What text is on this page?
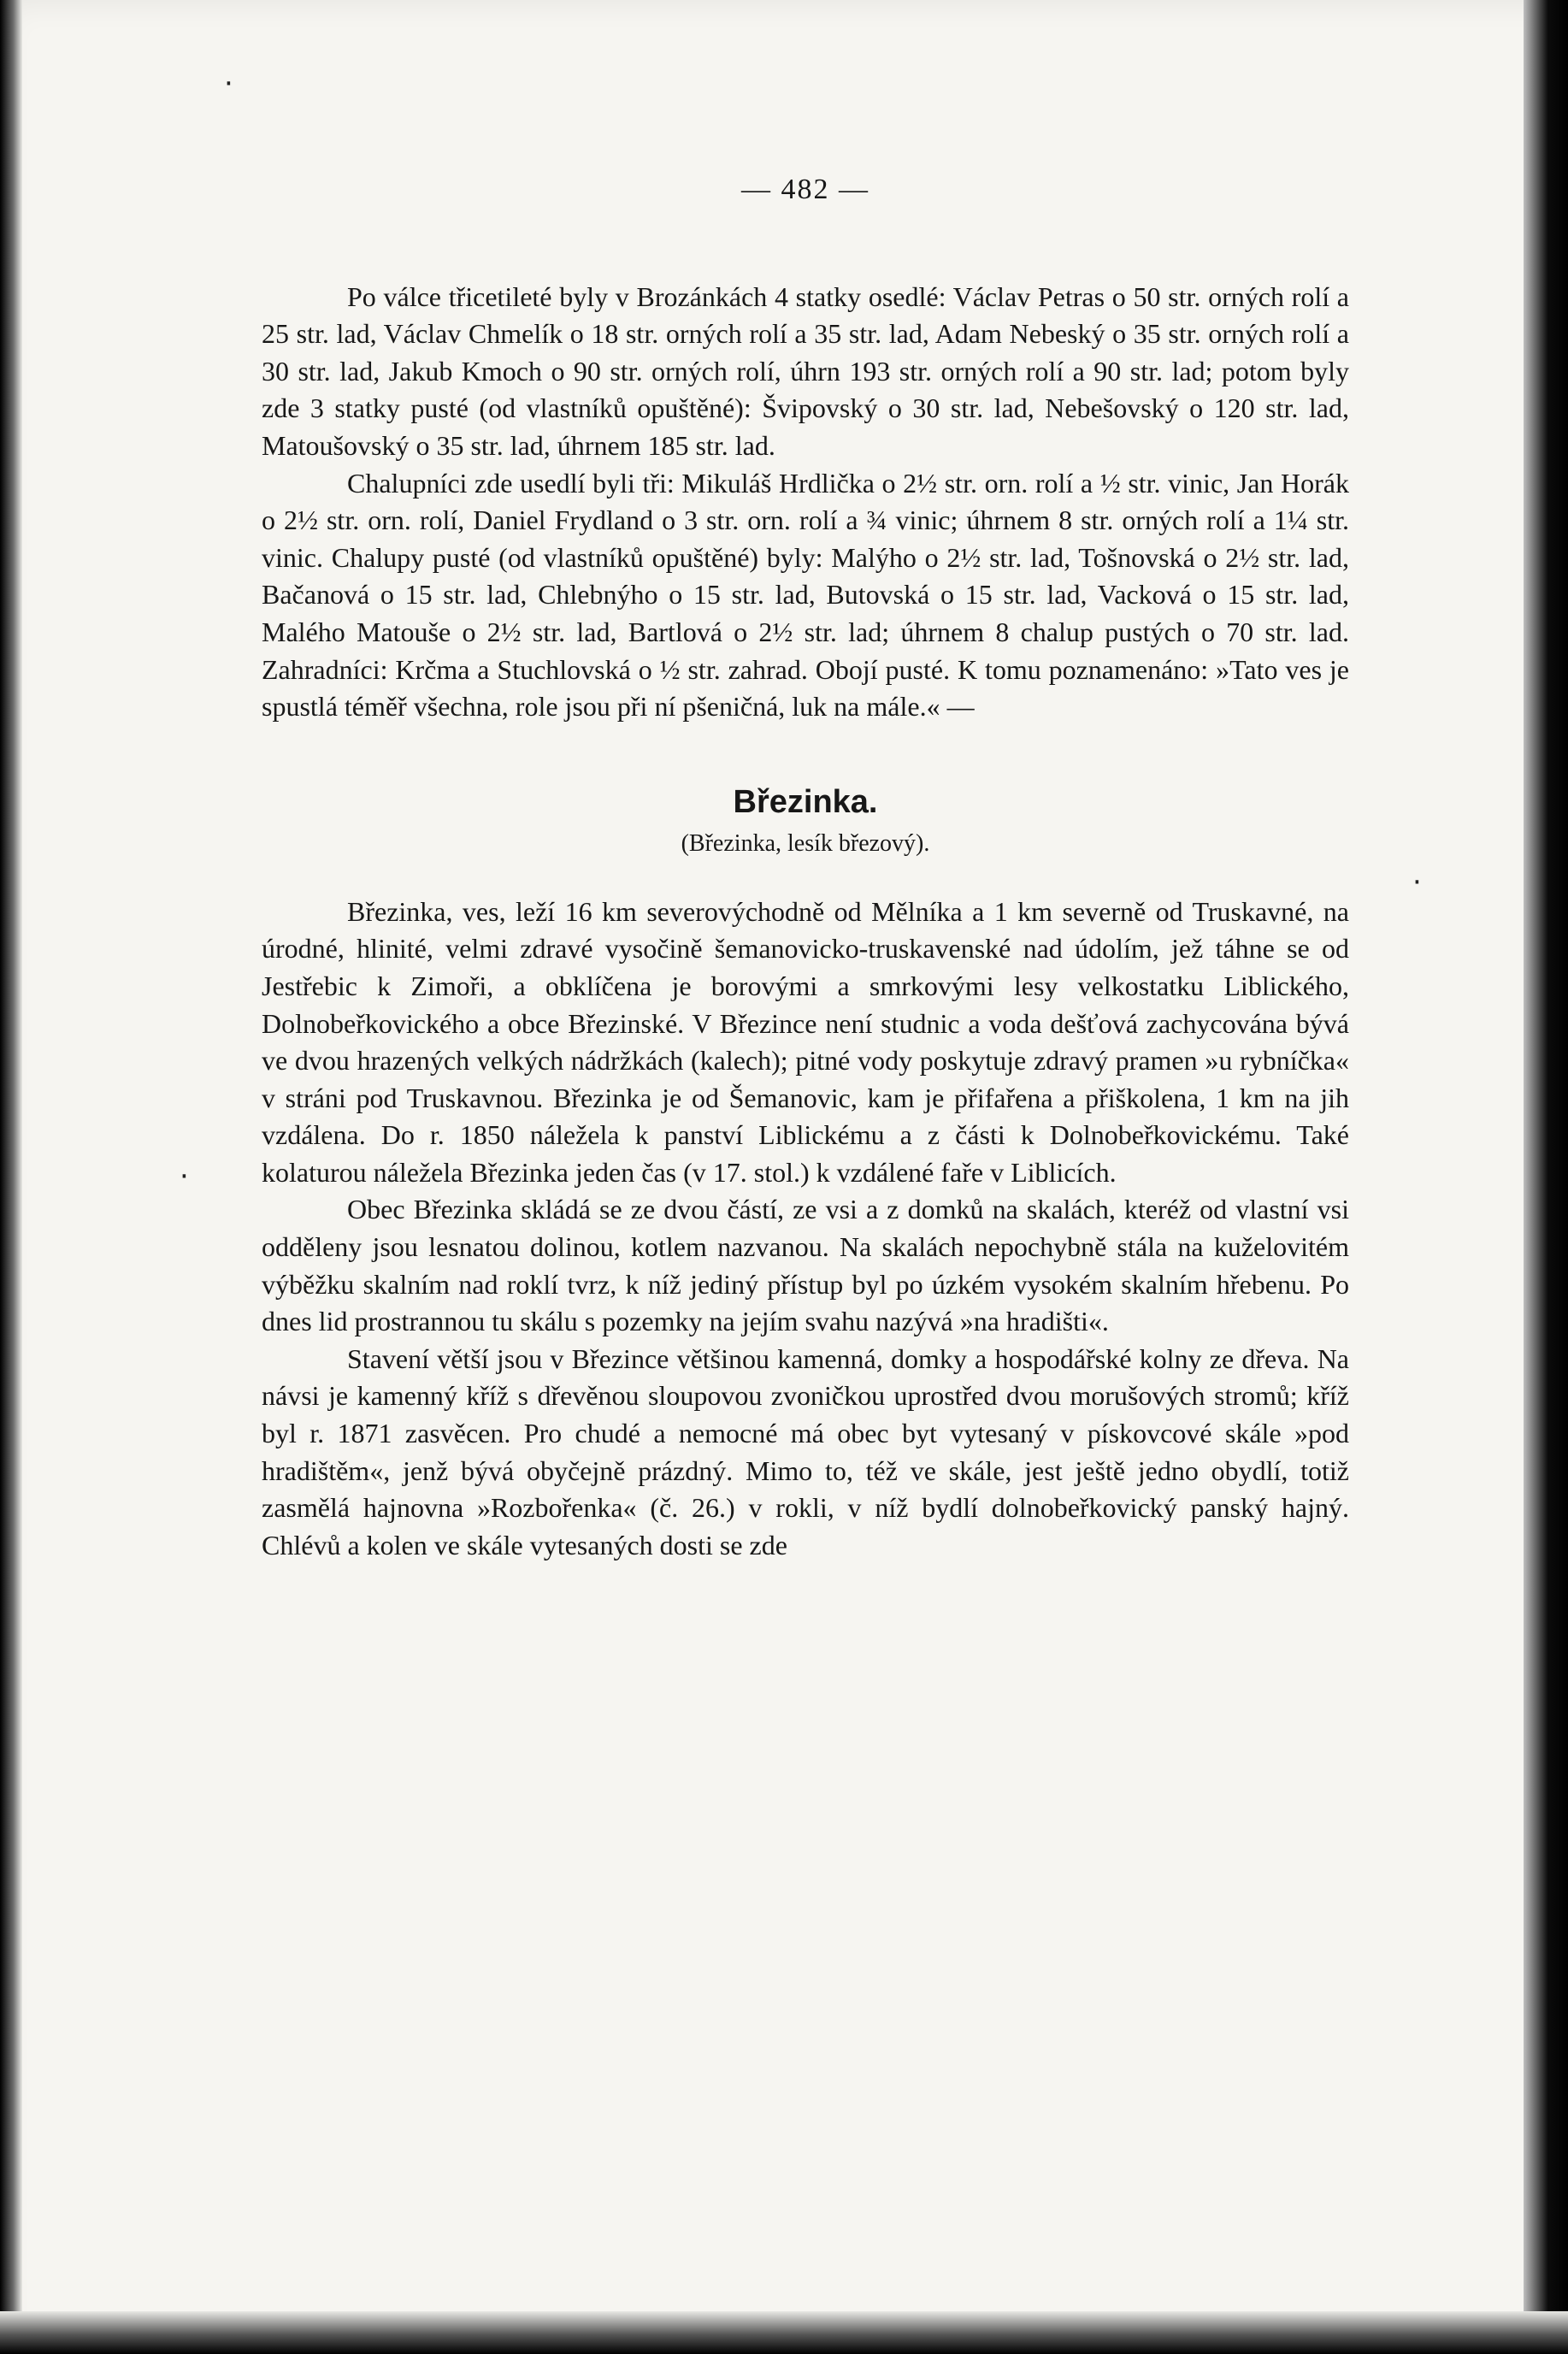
·
·
·
— 482 —

Po válce třicetileté byly v Brozánkách 4 statky osedlé: Václav Petras o 50 str. orných rolí a 25 str. lad, Václav Chmelík o 18 str. orných rolí a 35 str. lad, Adam Nebeský o 35 str. orných rolí a 30 str. lad, Jakub Kmoch o 90 str. orných rolí, úhrn 193 str. orných rolí a 90 str. lad; potom byly zde 3 statky pusté (od vlastníků opuštěné): Švipovský o 30 str. lad, Nebešovský o 120 str. lad, Matoušovský o 35 str. lad, úhrnem 185 str. lad.

Chalupníci zde usedlí byli tři: Mikuláš Hrdlička o 2½ str. orn. rolí a ½ str. vinic, Jan Horák o 2½ str. orn. rolí, Daniel Frydland o 3 str. orn. rolí a ¾ vinic; úhrnem 8 str. orných rolí a 1¼ str. vinic. Chalupy pusté (od vlastníků opuštěné) byly: Malýho o 2½ str. lad, Tošnovská o 2½ str. lad, Bačanová o 15 str. lad, Chlebnýho o 15 str. lad, Butovská o 15 str. lad, Vacková o 15 str. lad, Malého Matouše o 2½ str. lad, Bartlová o 2½ str. lad; úhrnem 8 chalup pustých o 70 str. lad. Zahradníci: Krčma a Stuchlovská o ½ str. zahrad. Obojí pusté. K tomu poznamenáno: »Tato ves je spustlá téměř všechna, role jsou při ní pšeničná, luk na mále.« —

Březinka.
(Březinka, lesík březový).

Březinka, ves, leží 16 km severovýchodně od Mělníka a 1 km severně od Truskavné, na úrodné, hlinité, velmi zdravé vysočině šemanovicko-truskavenské nad údolím, jež táhne se od Jestřebic k Zimoři, a obklíčena je borovými a smrkovými lesy velkostatku Liblického, Dolnobeřkovického a obce Březinské. V Březince není studnic a voda dešťová zachycována bývá ve dvou hrazených velkých nádržkách (kalech); pitné vody poskytuje zdravý pramen »u rybníčka« v stráni pod Truskavnou. Březinka je od Šemanovic, kam je přifařena a přiškolena, 1 km na jih vzdálena. Do r. 1850 náležela k panství Liblickému a z části k Dolnobeřkovickému. Také kolaturou náležela Březinka jeden čas (v 17. stol.) k vzdálené faře v Liblicích.

Obec Březinka skládá se ze dvou částí, ze vsi a z domků na skalách, kteréž od vlastní vsi odděleny jsou lesnatou dolinou, kotlem nazvanou. Na skalách nepochybně stála na kuželovitém výběžku skalním nad roklí tvrz, k níž jediný přístup byl po úzkém vysokém skalním hřebenu. Po dnes lid prostrannou tu skálu s pozemky na jejím svahu nazývá »na hradišti«.

Stavení větší jsou v Březince většinou kamenná, domky a hospodářské kolny ze dřeva. Na návsi je kamenný kříž s dřevěnou sloupovou zvoničkou uprostřed dvou morušových stromů; kříž byl r. 1871 zasvěcen. Pro chudé a nemocné má obec byt vytesaný v pískovcové skále »pod hradištěm«, jenž bývá obyčejně prázdný. Mimo to, též ve skále, jest ještě jedno obydlí, totiž zasmělá hajnovna »Rozbořenka« (č. 26.) v rokli, v níž bydlí dolnobeřkovický panský hajný. Chlévů a kolen ve skále vytesaných dosti se zde
